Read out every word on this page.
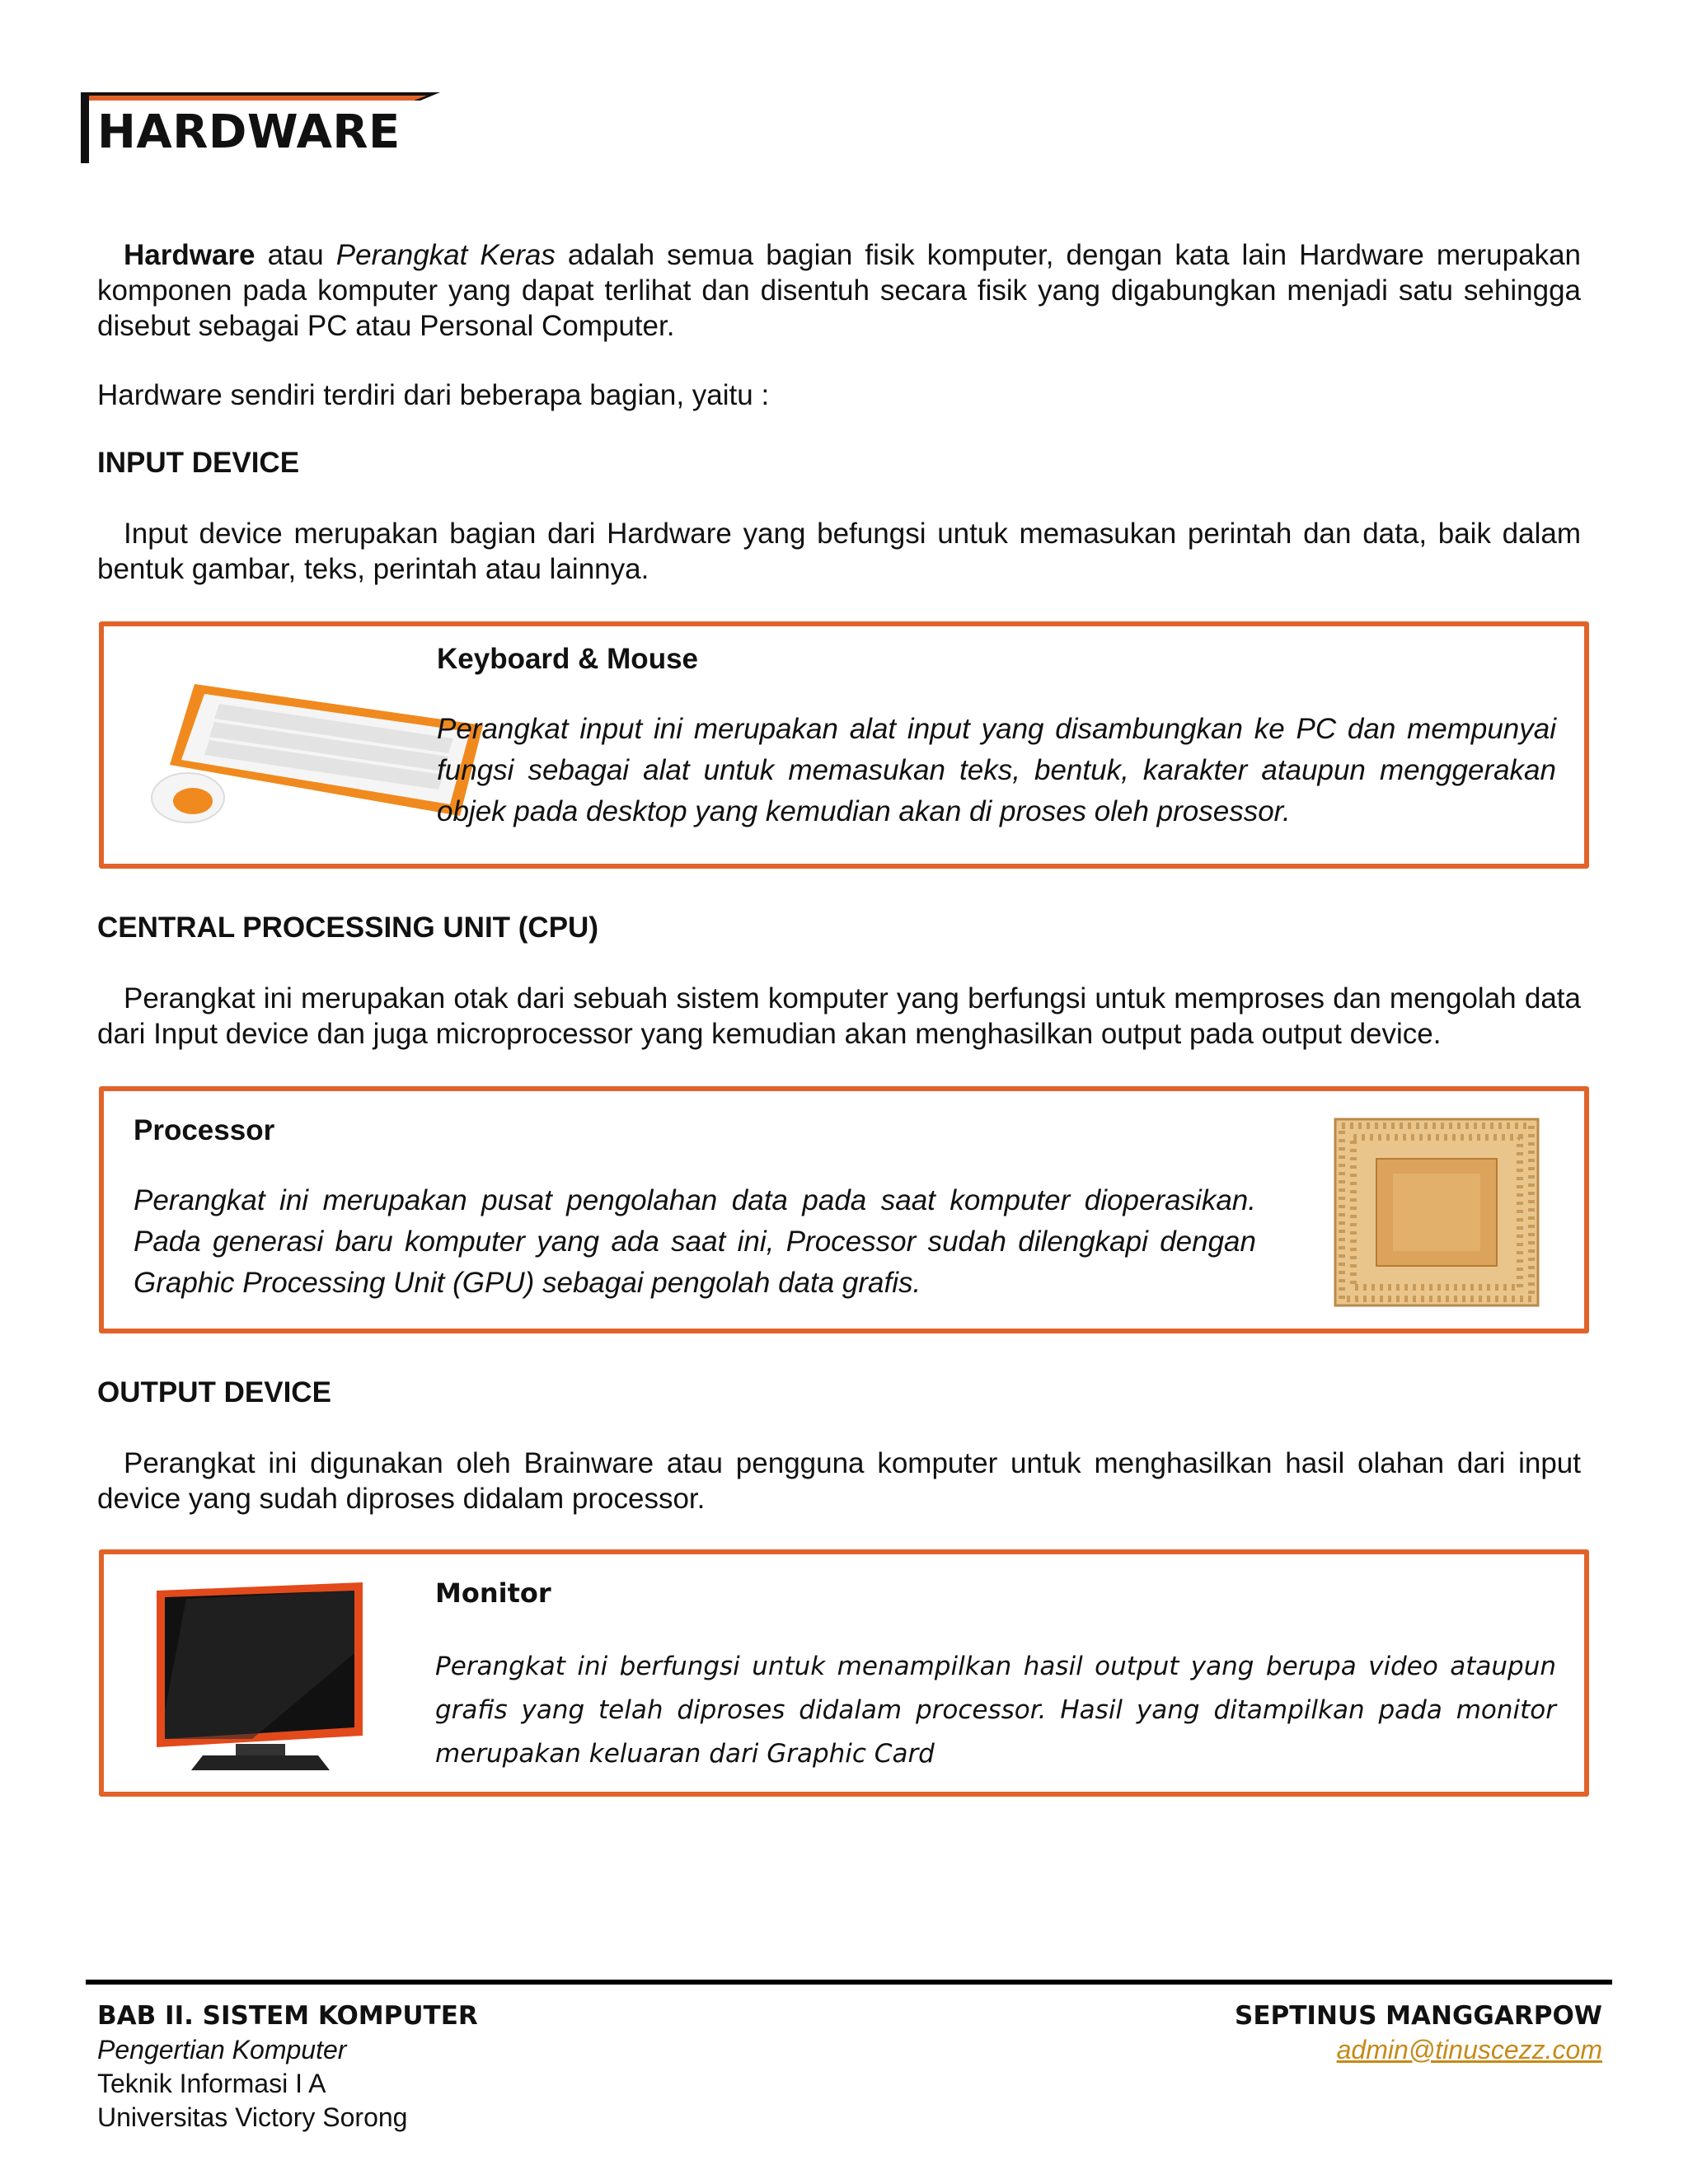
HARDWARE
Hardware atau Perangkat Keras adalah semua bagian fisik komputer, dengan kata lain Hardware merupakan komponen pada komputer yang dapat terlihat dan disentuh secara fisik yang digabungkan menjadi satu sehingga disebut sebagai PC atau Personal Computer.
Hardware sendiri terdiri dari beberapa bagian, yaitu :
INPUT DEVICE
Input device merupakan bagian dari Hardware yang befungsi untuk memasukan perintah dan data, baik dalam bentuk gambar, teks, perintah atau lainnya.
Keyboard & Mouse
Perangkat input ini merupakan alat input yang disambungkan ke PC dan mempunyai fungsi sebagai alat untuk memasukan teks, bentuk, karakter ataupun menggerakan objek pada desktop yang kemudian akan di proses oleh prosessor.
CENTRAL PROCESSING UNIT (CPU)
Perangkat ini merupakan otak dari sebuah sistem komputer yang berfungsi untuk memproses dan mengolah data dari Input device dan juga microprocessor yang kemudian akan menghasilkan output pada output device.
Processor
Perangkat ini merupakan pusat pengolahan data pada saat komputer dioperasikan. Pada generasi baru komputer yang ada saat ini, Processor sudah dilengkapi dengan Graphic Processing Unit (GPU) sebagai pengolah data grafis.
OUTPUT DEVICE
Perangkat ini digunakan oleh Brainware atau pengguna komputer untuk menghasilkan hasil olahan dari input device yang sudah diproses didalam processor.
Monitor
Perangkat ini berfungsi untuk menampilkan hasil output yang berupa video ataupun grafis yang telah diproses didalam processor. Hasil yang ditampilkan pada monitor merupakan keluaran dari Graphic Card
BAB II. SISTEM KOMPUTER
Pengertian Komputer
Teknik Informasi I A
Universitas Victory Sorong
SEPTINUS MANGGARPOW
admin@tinuscezz.com
